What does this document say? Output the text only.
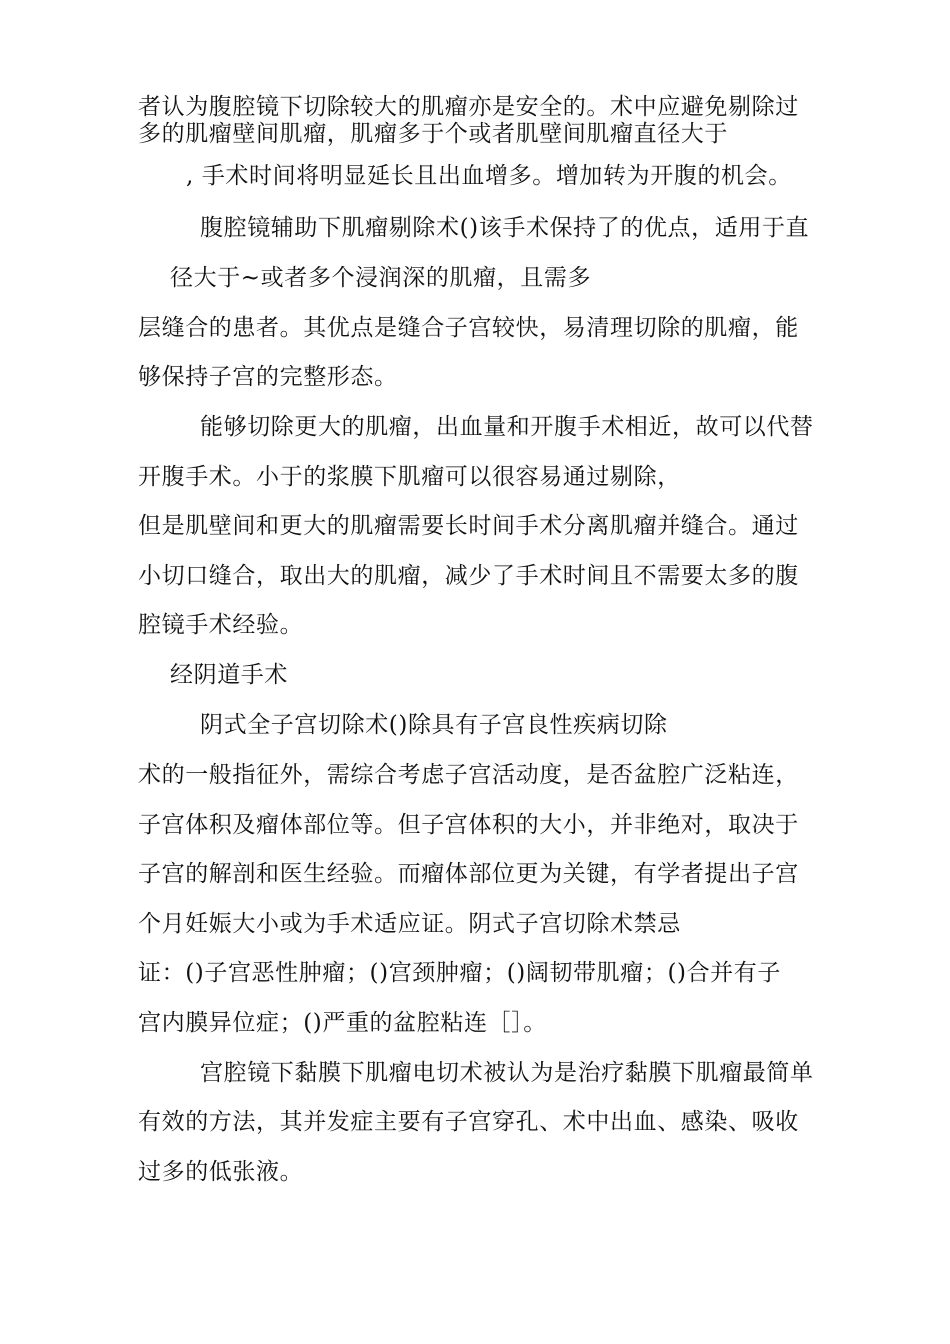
者认为腹腔镜下切除较大的肌瘤亦是安全的。术中应避免剔除过
多的肌瘤壁间肌瘤，肌瘤多于个或者肌壁间肌瘤直径大于
, 手术时间将明显延长且出血增多。增加转为开腹的机会。
腹腔镜辅助下肌瘤剔除术()该手术保持了的优点，适用于直
径大于~或者多个浸润深的肌瘤，且需多
层缝合的患者。其优点是缝合子宫较快，易清理切除的肌瘤，能
够保持子宫的完整形态。
能够切除更大的肌瘤，出血量和开腹手术相近，故可以代替
开腹手术。小于的浆膜下肌瘤可以很容易通过剔除，
但是肌壁间和更大的肌瘤需要长时间手术分离肌瘤并缝合。通过
小切口缝合，取出大的肌瘤，减少了手术时间且不需要太多的腹
腔镜手术经验。
经阴道手术
阴式全子宫切除术()除具有子宫良性疾病切除
术的一般指征外，需综合考虑子宫活动度，是否盆腔广泛粘连，
子宫体积及瘤体部位等。但子宫体积的大小，并非绝对，取决于
子宫的解剖和医生经验。而瘤体部位更为关键，有学者提出子宫
个月妊娠大小或为手术适应证。阴式子宫切除术禁忌
证：()子宫恶性肿瘤；()宫颈肿瘤；()阔韧带肌瘤；()合并有子
宫内膜异位症；()严重的盆腔粘连［］。
宫腔镜下黏膜下肌瘤电切术被认为是治疗黏膜下肌瘤最简单
有效的方法，其并发症主要有子宫穿孔、术中出血、感染、吸收
过多的低张液。
